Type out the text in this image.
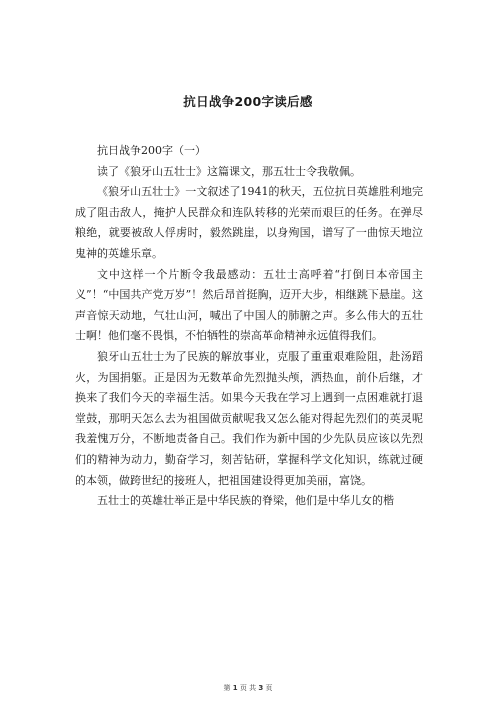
抗日战争200字读后感

抗日战争200字（一）

读了《狼牙山五壮士》这篇课文，那五壮士令我敬佩。

《狼牙山五壮士》一文叙述了1941的秋天，五位抗日英雄胜利地完成了阻击敌人，掩护人民群众和连队转移的光荣而艰巨的任务。在弹尽粮绝，就要被敌人俘虏时，毅然跳崖，以身殉国，谱写了一曲惊天地泣鬼神的英雄乐章。

文中这样一个片断令我最感动：五壮士高呼着“打倒日本帝国主义”！“中国共产党万岁”！然后昂首挺胸，迈开大步，相继跳下悬崖。这声音惊天动地，气壮山河，喊出了中国人的肺腑之声。多么伟大的五壮士啊！他们毫不畏惧，不怕牺牲的崇高革命精神永远值得我们。

狼牙山五壮士为了民族的解放事业，克服了重重艰难险阻，赴汤蹈火，为国捐躯。正是因为无数革命先烈抛头颅，洒热血，前仆后继，才换来了我们今天的幸福生活。如果今天我在学习上遇到一点困难就打退堂鼓，那明天怎么去为祖国做贡献呢我又怎么能对得起先烈们的英灵呢我羞愧万分，不断地责备自己。我们作为新中国的少先队员应该以先烈们的精神为动力，勤奋学习，刻苦钻研，掌握科学文化知识，练就过硬的本领，做跨世纪的接班人，把祖国建设得更加美丽，富饶。

五壮士的英雄壮举正是中华民族的脊梁，他们是中华儿女的楷

第 1 页 共 3 页
